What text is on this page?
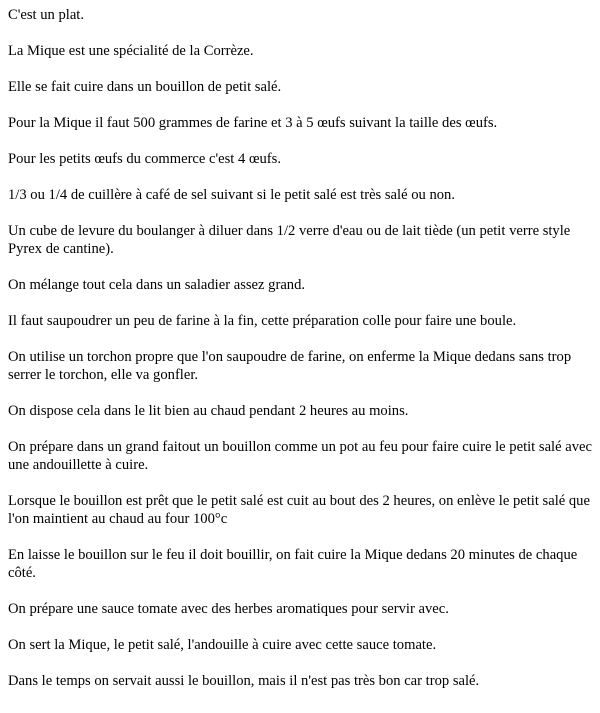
C'est un plat.

La Mique est une spécialité de la Corrèze.

Elle se fait cuire dans un bouillon de petit salé.

Pour la Mique il faut 500 grammes de farine et 3 à 5 œufs suivant la taille des œufs.

Pour les petits œufs du commerce c'est 4 œufs.

1/3 ou 1/4 de cuillère à café de sel suivant si le petit salé est très salé ou non.

Un cube de levure du boulanger à diluer dans 1/2 verre d'eau ou de lait tiède (un petit verre style Pyrex de cantine).

On mélange tout cela dans un saladier assez grand.

Il faut saupoudrer un peu de farine à la fin, cette préparation colle pour faire une boule.

On utilise un torchon propre que l'on saupoudre de farine, on enferme la Mique dedans sans trop serrer le torchon, elle va gonfler.

On dispose cela dans le lit bien au chaud pendant 2 heures au moins.

On prépare dans un grand faitout un bouillon comme un pot au feu pour faire cuire le petit salé avec une andouillette à cuire.

Lorsque le bouillon est prêt que le petit salé est cuit au bout des 2 heures, on enlève le petit salé que l'on maintient au chaud au four 100°c

En laisse le bouillon sur le feu il doit bouillir, on fait cuire la Mique dedans 20 minutes de chaque côté.

On prépare une sauce tomate avec des herbes aromatiques pour servir avec.

On sert la Mique, le petit salé, l'andouille à cuire avec cette sauce tomate.

Dans le temps on servait aussi le bouillon, mais il n'est pas très bon car trop salé.
